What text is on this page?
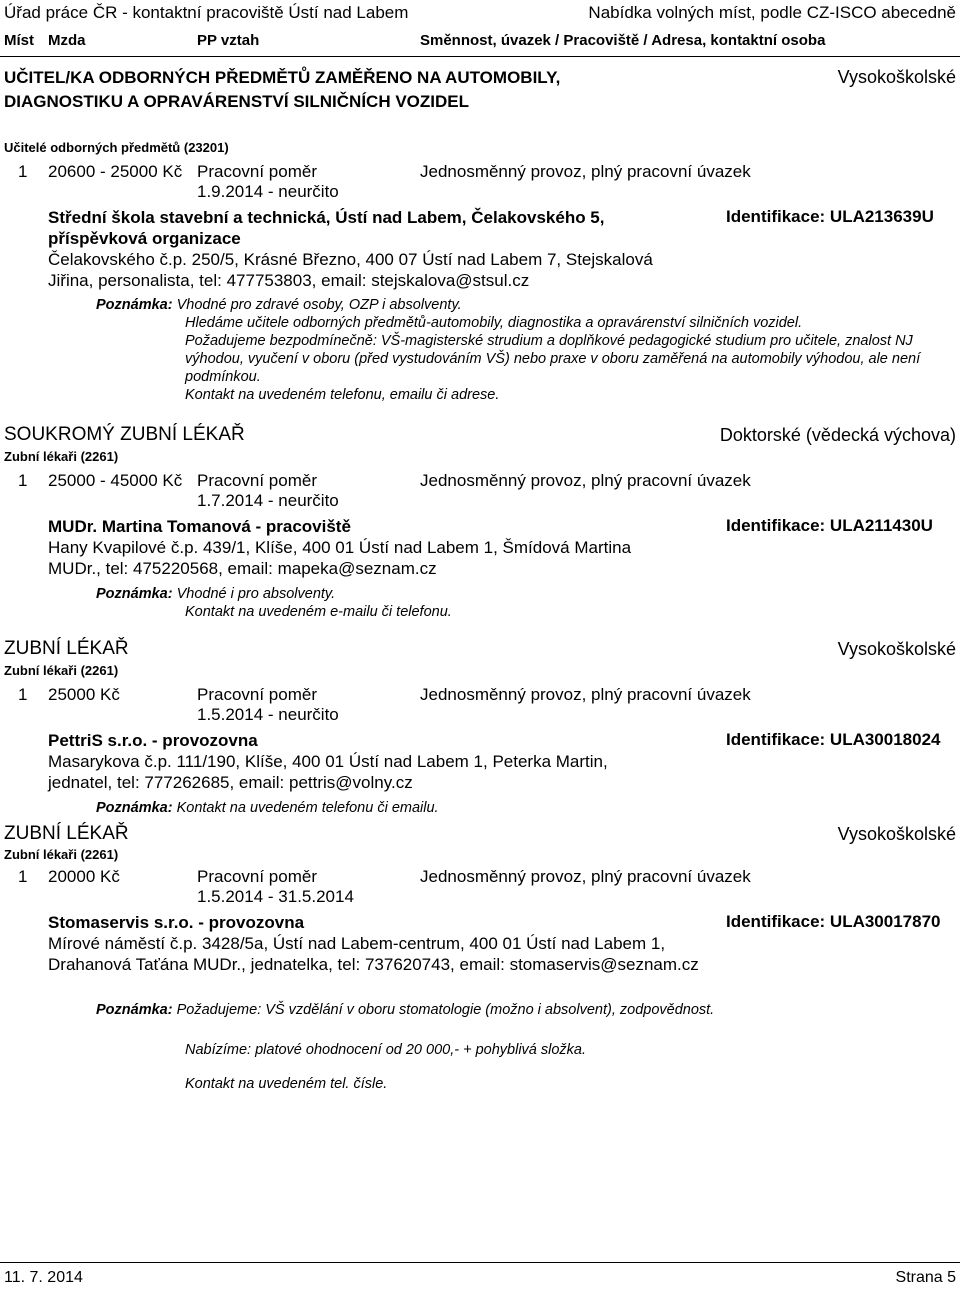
Úřad práce ČR - kontaktní pracoviště Ústí nad Labem	Nabídka volných míst, podle CZ-ISCO abecedně
Míst Mzda	PP vztah	Směnnost, úvazek / Pracoviště / Adresa, kontaktní osoba
UČITEL/KA ODBORNÝCH PŘEDMĚTŮ ZAMĚŘENO NA AUTOMOBILY, DIAGNOSTIKU A OPRAVÁRENSTVÍ SILNIČNÍCH VOZIDEL
Vysokoškolské
Učitelé odborných předmětů (23201)
1 20600 - 25000 Kč Pracovní poměr	Jednosměnný provoz, plný pracovní úvazek
1.9.2014 - neurčito
Střední škola stavební a technická, Ústí nad Labem, Čelakovského 5, příspěvková organizace
Identifikace: ULA213639U
Čelakovského č.p. 250/5, Krásné Březno, 400 07 Ústí nad Labem 7, Stejskalová Jiřina, personalista, tel: 477753803, email: stejskalova@stsul.cz
Poznámka: Vhodné pro zdravé osoby, OZP i absolventy.
Hledáme učitele odborných předmětů-automobily, diagnostika a opravárenství silničních vozidel.
Požadujeme bezpodmínečně: VŠ-magisterské strudium a doplňkové pedagogické studium pro učitele, znalost NJ výhodou, vyučení v oboru (před vystudováním VŠ) nebo praxe v oboru zaměřená na automobily výhodou, ale není podmínkou.
Kontakt na uvedeném telefonu, emailu či adrese.
SOUKROMÝ ZUBNÍ LÉKAŘ	Doktorské (vědecká výchova)
Zubní lékaři (2261)
1 25000 - 45000 Kč Pracovní poměr	Jednosměnný provoz, plný pracovní úvazek
1.7.2014 - neurčito
MUDr. Martina Tomanová - pracoviště	Identifikace: ULA211430U
Hany Kvapilové č.p. 439/1, Klíše, 400 01 Ústí nad Labem 1, Šmídová Martina MUDr., tel: 475220568, email: mapeka@seznam.cz
Poznámka: Vhodné i pro absolventy.
Kontakt na uvedeném e-mailu či telefonu.
ZUBNÍ LÉKAŘ	Vysokoškolské
Zubní lékaři (2261)
1 25000 Kč	Pracovní poměr	Jednosměnný provoz, plný pracovní úvazek
1.5.2014 - neurčito
PettriS s.r.o. - provozovna	Identifikace: ULA30018024
Masarykova č.p. 111/190, Klíše, 400 01 Ústí nad Labem 1, Peterka Martin, jednatel, tel: 777262685, email: pettris@volny.cz
Poznámka: Kontakt na uvedeném telefonu či emailu.
ZUBNÍ LÉKAŘ	Vysokoškolské
Zubní lékaři (2261)
1 20000 Kč	Pracovní poměr	Jednosměnný provoz, plný pracovní úvazek
1.5.2014 - 31.5.2014
Stomaservis s.r.o. - provozovna	Identifikace: ULA30017870
Mírové náměstí č.p. 3428/5a, Ústí nad Labem-centrum, 400 01 Ústí nad Labem 1, Drahanová Taťána MUDr., jednatelka, tel: 737620743, email: stomaservis@seznam.cz
Poznámka: Požadujeme: VŠ vzdělání v oboru stomatologie (možno i absolvent), zodpovědnost.
Nabízíme: platové ohodnocení od 20 000,- + pohyblivá složka.
Kontakt na uvedeném tel. čísle.
11. 7. 2014	Strana 5
